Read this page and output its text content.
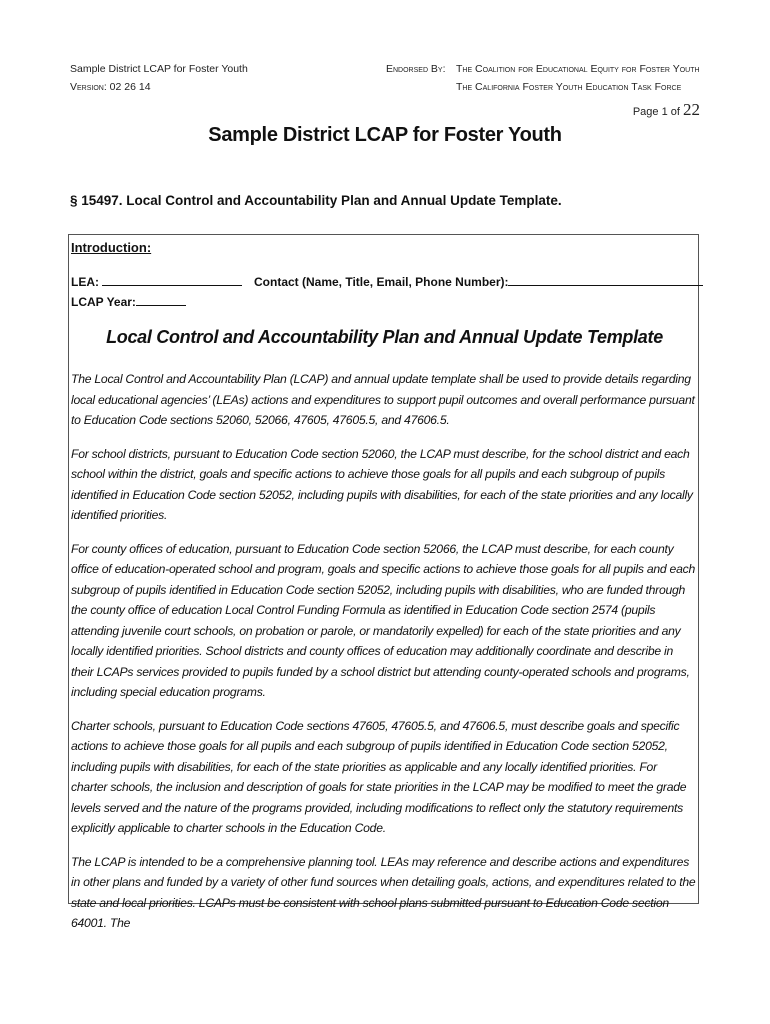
Sample District LCAP for Foster Youth
Version: 02 26 14
Endorsed By: The Coalition for Educational Equity for Foster Youth
The California Foster Youth Education Task Force
Page 1 of 22
Sample District LCAP for Foster Youth
§ 15497. Local Control and Accountability Plan and Annual Update Template.
Introduction:
LEA:	Contact (Name, Title, Email, Phone Number):
LCAP Year:
Local Control and Accountability Plan and Annual Update Template

The Local Control and Accountability Plan (LCAP) and annual update template shall be used to provide details regarding local educational agencies’ (LEAs) actions and expenditures to support pupil outcomes and overall performance pursuant to Education Code sections 52060, 52066, 47605, 47605.5, and 47606.5.

For school districts, pursuant to Education Code section 52060, the LCAP must describe, for the school district and each school within the district, goals and specific actions to achieve those goals for all pupils and each subgroup of pupils identified in Education Code section 52052, including pupils with disabilities, for each of the state priorities and any locally identified priorities.

For county offices of education, pursuant to Education Code section 52066, the LCAP must describe, for each county office of education-operated school and program, goals and specific actions to achieve those goals for all pupils and each subgroup of pupils identified in Education Code section 52052, including pupils with disabilities, who are funded through the county office of education Local Control Funding Formula as identified in Education Code section 2574 (pupils attending juvenile court schools, on probation or parole, or mandatorily expelled) for each of the state priorities and any locally identified priorities. School districts and county offices of education may additionally coordinate and describe in their LCAPs services provided to pupils funded by a school district but attending county-operated schools and programs, including special education programs.

Charter schools, pursuant to Education Code sections 47605, 47605.5, and 47606.5, must describe goals and specific actions to achieve those goals for all pupils and each subgroup of pupils identified in Education Code section 52052, including pupils with disabilities, for each of the state priorities as applicable and any locally identified priorities. For charter schools, the inclusion and description of goals for state priorities in the LCAP may be modified to meet the grade levels served and the nature of the programs provided, including modifications to reflect only the statutory requirements explicitly applicable to charter schools in the Education Code.

The LCAP is intended to be a comprehensive planning tool. LEAs may reference and describe actions and expenditures in other plans and funded by a variety of other fund sources when detailing goals, actions, and expenditures related to the state and local priorities. LCAPs must be consistent with school plans submitted pursuant to Education Code section 64001. The
